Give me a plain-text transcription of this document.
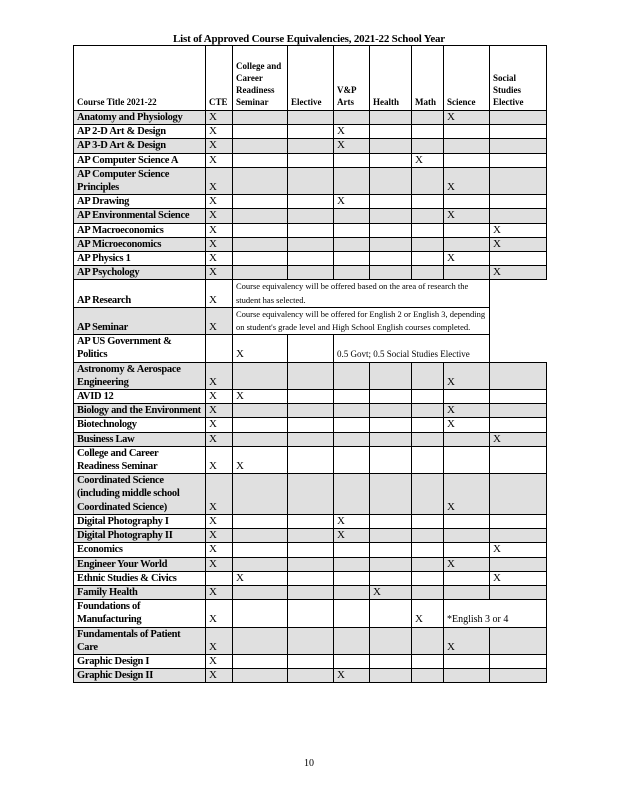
List of Approved Course Equivalencies, 2021-22 School Year
Course Title 2021-22	CTE	College and Career Readiness Seminar	Elective	V&P Arts	Health	Math	Science	Social Studies Elective
Anatomy and Physiology	X						X	
AP 2-D Art & Design	X			X				
AP 3-D Art & Design	X			X				
AP Computer Science A	X					X		
AP Computer Science Principles	X						X	
AP Drawing	X			X				
AP Environmental Science	X						X	
AP Macroeconomics	X							X
AP Microeconomics	X							X
AP Physics 1	X						X	
AP Psychology	X							X
AP Research	X	Course equivalency will be offered based on the area of research the student has selected.						
AP Seminar	X	Course equivalency will be offered for English 2 or English 3, depending on student's grade level and High School English courses completed.						
AP US Government & Politics		X		0.5 Govt; 0.5 Social Studies Elective				
Astronomy & Aerospace Engineering	X						X	
AVID 12	X	X						
Biology and the Environment	X						X	
Biotechnology	X						X	
Business Law	X							X
College and Career Readiness Seminar	X	X						
Coordinated Science (including middle school Coordinated Science)	X						X	
Digital Photography I	X			X				
Digital Photography II	X			X				
Economics	X							X
Engineer Your World	X						X	
Ethnic Studies & Civics		X						X
Family Health	X				X			
Foundations of Manufacturing	X					X	*English 3 or 4	
Fundamentals of Patient Care	X						X	
Graphic Design I	X							
Graphic Design II	X			X				
10
